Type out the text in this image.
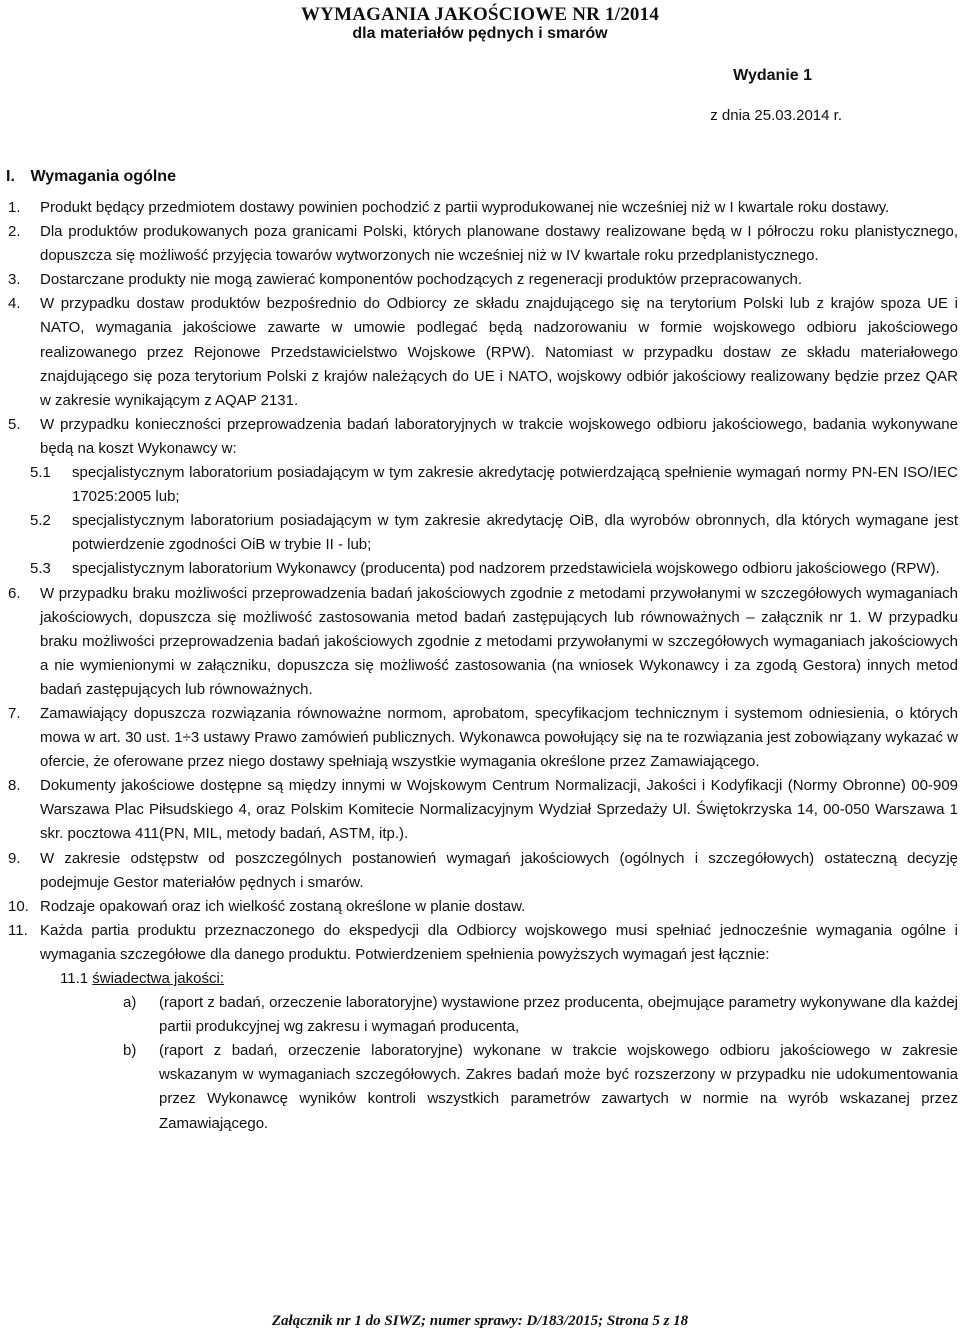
WYMAGANIA JAKOŚCIOWE NR 1/2014
dla materiałów pędnych i smarów
Wydanie 1
z dnia 25.03.2014 r.
I. Wymagania ogólne
1. Produkt będący przedmiotem dostawy powinien pochodzić z partii wyprodukowanej nie wcześniej niż w I kwartale roku dostawy.
2. Dla produktów produkowanych poza granicami Polski, których planowane dostawy realizowane będą w I półroczu roku planistycznego, dopuszcza się możliwość przyjęcia towarów wytworzonych nie wcześniej niż w IV kwartale roku przedplanistycznego.
3. Dostarczane produkty nie mogą zawierać komponentów pochodzących z regeneracji produktów przepracowanych.
4. W przypadku dostaw produktów bezpośrednio do Odbiorcy ze składu znajdującego się na terytorium Polski lub z krajów spoza UE i NATO, wymagania jakościowe zawarte w umowie podlegać będą nadzorowaniu w formie wojskowego odbioru jakościowego realizowanego przez Rejonowe Przedstawicielstwo Wojskowe (RPW). Natomiast w przypadku dostaw ze składu materiałowego znajdującego się poza terytorium Polski z krajów należących do UE i NATO, wojskowy odbiór jakościowy realizowany będzie przez QAR w zakresie wynikającym z AQAP 2131.
5. W przypadku konieczności przeprowadzenia badań laboratoryjnych w trakcie wojskowego odbioru jakościowego, badania wykonywane będą na koszt Wykonawcy w:
5.1 specjalistycznym laboratorium posiadającym w tym zakresie akredytację potwierdzającą spełnienie wymagań normy PN-EN ISO/IEC 17025:2005 lub;
5.2 specjalistycznym laboratorium posiadającym w tym zakresie akredytację OiB, dla wyrobów obronnych, dla których wymagane jest potwierdzenie zgodności OiB w trybie II ‑ lub;
5.3 specjalistycznym laboratorium Wykonawcy (producenta) pod nadzorem przedstawiciela wojskowego odbioru jakościowego (RPW).
6. W przypadku braku możliwości przeprowadzenia badań jakościowych zgodnie z metodami przywołanymi w szczegółowych wymaganiach jakościowych, dopuszcza się możliwość zastosowania metod badań zastępujących lub równoważnych – załącznik nr 1. W przypadku braku możliwości przeprowadzenia badań jakościowych zgodnie z metodami przywołanymi w szczegółowych wymaganiach jakościowych a nie wymienionymi w załączniku, dopuszcza się możliwość zastosowania (na wniosek Wykonawcy i za zgodą Gestora) innych metod badań zastępujących lub równoważnych.
7. Zamawiający dopuszcza rozwiązania równoważne normom, aprobatom, specyfikacjom technicznym i systemom odniesienia, o których mowa w art. 30 ust. 1÷3 ustawy Prawo zamówień publicznych. Wykonawca powołujący się na te rozwiązania jest zobowiązany wykazać w ofercie, że oferowane przez niego dostawy spełniają wszystkie wymagania określone przez Zamawiającego.
8. Dokumenty jakościowe dostępne są między innymi w Wojskowym Centrum Normalizacji, Jakości i Kodyfikacji (Normy Obronne) 00-909 Warszawa Plac Piłsudskiego 4, oraz Polskim Komitecie Normalizacyjnym Wydział Sprzedaży Ul. Świętokrzyska 14, 00-050 Warszawa 1 skr. pocztowa 411(PN, MIL, metody badań, ASTM, itp.).
9. W zakresie odstępstw od poszczególnych postanowień wymagań jakościowych (ogólnych i szczegółowych) ostateczną decyzję podejmuje Gestor materiałów pędnych i smarów.
10. Rodzaje opakowań oraz ich wielkość zostaną określone w planie dostaw.
11. Każda partia produktu przeznaczonego do ekspedycji dla Odbiorcy wojskowego musi spełniać jednocześnie wymagania ogólne i wymagania szczegółowe dla danego produktu. Potwierdzeniem spełnienia powyższych wymagań jest łącznie:
11.1 świadectwa jakości:
a) (raport z badań, orzeczenie laboratoryjne) wystawione przez producenta, obejmujące parametry wykonywane dla każdej partii produkcyjnej wg zakresu i wymagań producenta,
b) (raport z badań, orzeczenie laboratoryjne) wykonane w trakcie wojskowego odbioru jakościowego w zakresie wskazanym w wymaganiach szczegółowych. Zakres badań może być rozszerzony w przypadku nie udokumentowania przez Wykonawcę wyników kontroli wszystkich parametrów zawartych w normie na wyrób wskazanej przez Zamawiającego.
Załącznik nr 1 do SIWZ; numer sprawy: D/183/2015; Strona 5 z 18
